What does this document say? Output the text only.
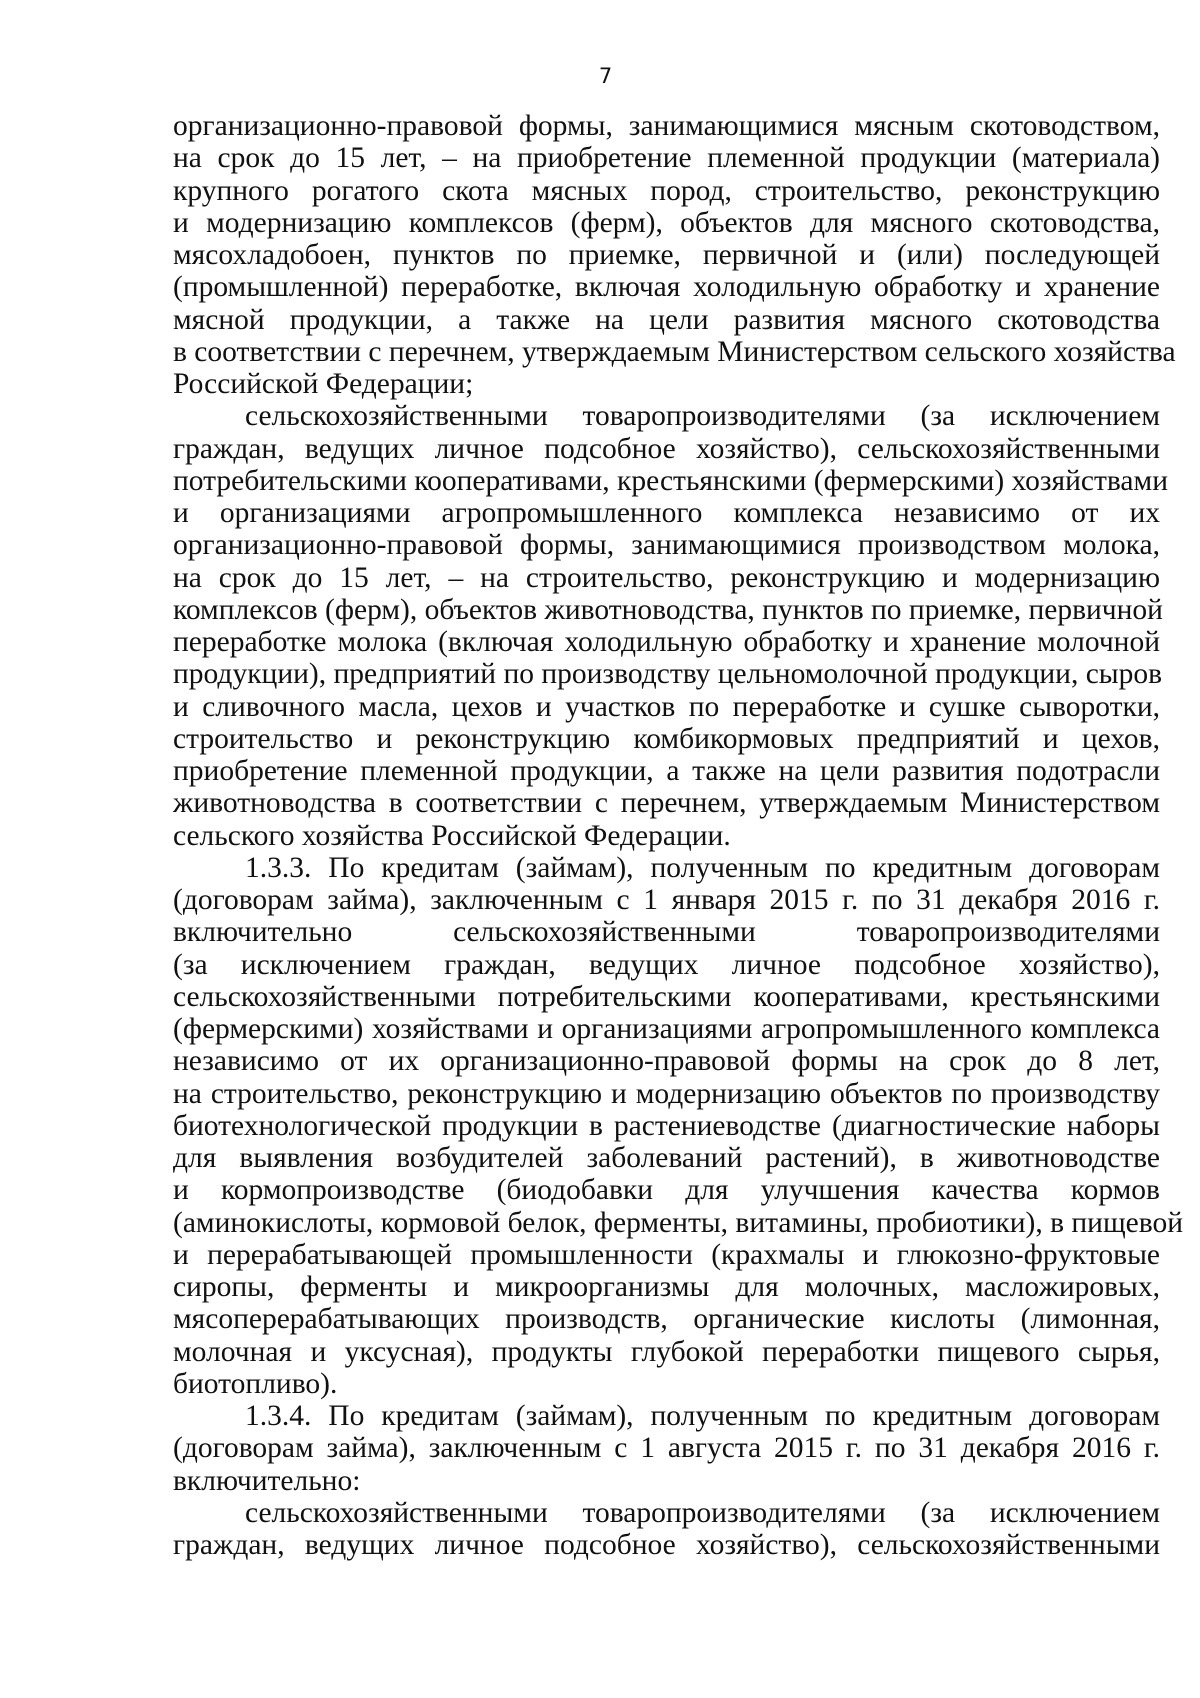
7

организационно-правовой формы, занимающимися мясным скотоводством,
на срок до 15 лет, – на приобретение племенной продукции (материала)
крупного рогатого скота мясных пород, строительство, реконструкцию
и модернизацию комплексов (ферм), объектов для мясного скотоводства,
мясохладобоен, пунктов по приемке, первичной и (или) последующей
(промышленной) переработке, включая холодильную обработку и хранение
мясной продукции, а также на цели развития мясного скотоводства
в соответствии с перечнем, утверждаемым Министерством сельского хозяйства
Российской Федерации;

сельскохозяйственными товаропроизводителями (за исключением
граждан, ведущих личное подсобное хозяйство), сельскохозяйственными
потребительскими кооперативами, крестьянскими (фермерскими) хозяйствами
и организациями агропромышленного комплекса независимо от их
организационно-правовой формы, занимающимися производством молока,
на срок до 15 лет, – на строительство, реконструкцию и модернизацию
комплексов (ферм), объектов животноводства, пунктов по приемке, первичной
переработке молока (включая холодильную обработку и хранение молочной
продукции), предприятий по производству цельномолочной продукции, сыров
и сливочного масла, цехов и участков по переработке и сушке сыворотки,
строительство и реконструкцию комбикормовых предприятий и цехов,
приобретение племенной продукции, а также на цели развития подотрасли
животноводства в соответствии с перечнем, утверждаемым Министерством
сельского хозяйства Российской Федерации.

1.3.3. По кредитам (займам), полученным по кредитным договорам
(договорам займа), заключенным с 1 января 2015 г. по 31 декабря 2016 г.
включительно сельскохозяйственными товаропроизводителями
(за исключением граждан, ведущих личное подсобное хозяйство),
сельскохозяйственными потребительскими кооперативами, крестьянскими
(фермерскими) хозяйствами и организациями агропромышленного комплекса
независимо от их организационно-правовой формы на срок до 8 лет,
на строительство, реконструкцию и модернизацию объектов по производству
биотехнологической продукции в растениеводстве (диагностические наборы
для выявления возбудителей заболеваний растений), в животноводстве
и кормопроизводстве (биодобавки для улучшения качества кормов
(аминокислоты, кормовой белок, ферменты, витамины, пробиотики), в пищевой
и перерабатывающей промышленности (крахмалы и глюкозно-фруктовые
сиропы, ферменты и микроорганизмы для молочных, масложировых,
мясоперерабатывающих производств, органические кислоты (лимонная,
молочная и уксусная), продукты глубокой переработки пищевого сырья,
биотопливо).

1.3.4. По кредитам (займам), полученным по кредитным договорам
(договорам займа), заключенным с 1 августа 2015 г. по 31 декабря 2016 г.
включительно:

сельскохозяйственными товаропроизводителями (за исключением
граждан, ведущих личное подсобное хозяйство), сельскохозяйственными
